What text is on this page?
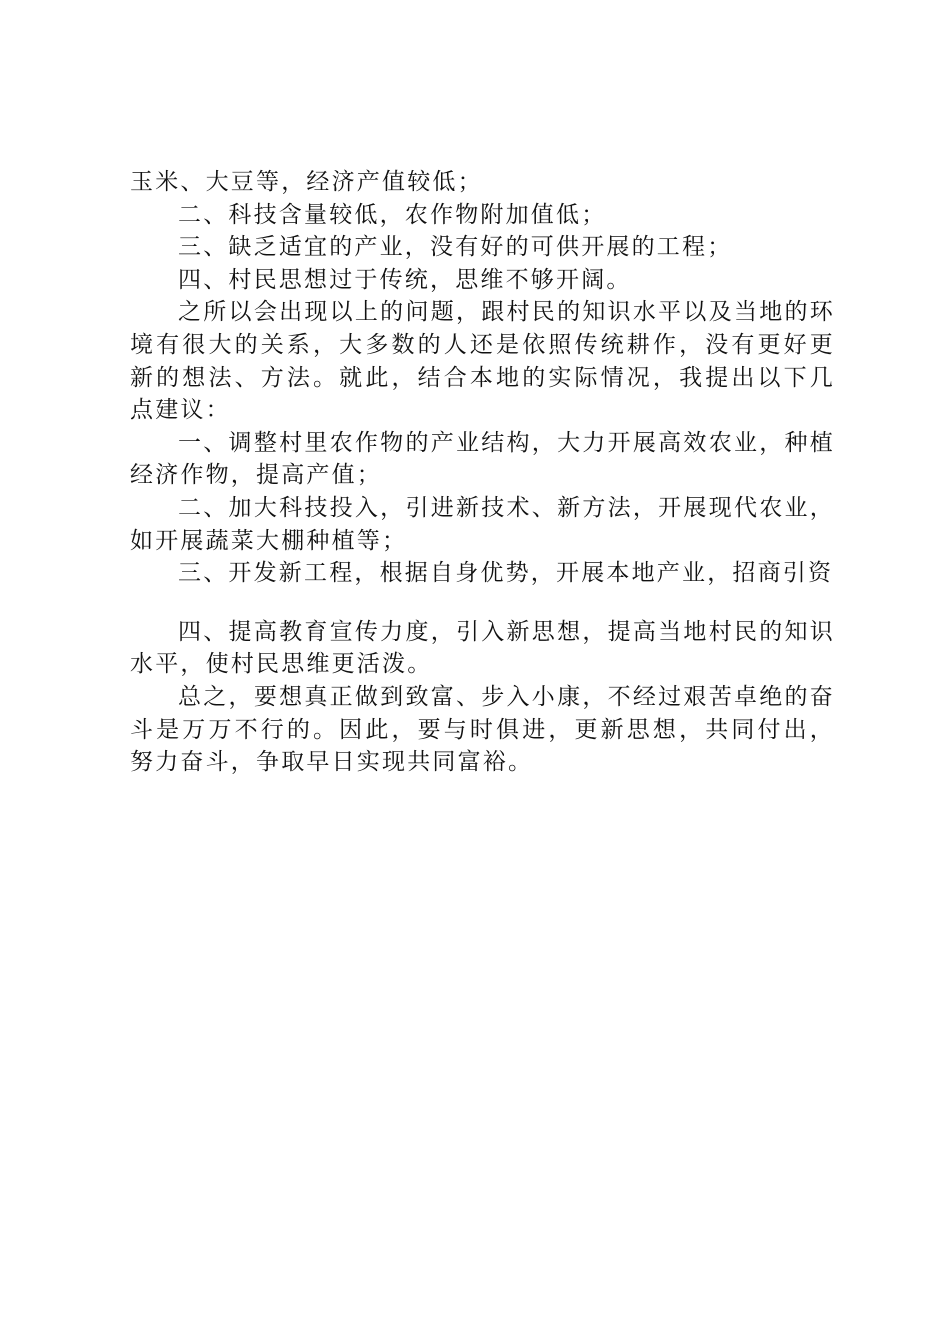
玉米、大豆等，经济产值较低；

二、科技含量较低，农作物附加值低；

三、缺乏适宜的产业，没有好的可供开展的工程；

四、村民思想过于传统，思维不够开阔。

之所以会出现以上的问题，跟村民的知识水平以及当地的环境有很大的关系，大多数的人还是依照传统耕作，没有更好更新的想法、方法。就此，结合本地的实际情况，我提出以下几点建议：

一、调整村里农作物的产业结构，大力开展高效农业，种植经济作物，提高产值；

二、加大科技投入，引进新技术、新方法，开展现代农业，如开展蔬菜大棚种植等；

三、开发新工程，根据自身优势，开展本地产业，招商引资

四、提高教育宣传力度，引入新思想，提高当地村民的知识水平，使村民思维更活泼。

总之，要想真正做到致富、步入小康，不经过艰苦卓绝的奋斗是万万不行的。因此，要与时俱进，更新思想，共同付出，努力奋斗，争取早日实现共同富裕。
